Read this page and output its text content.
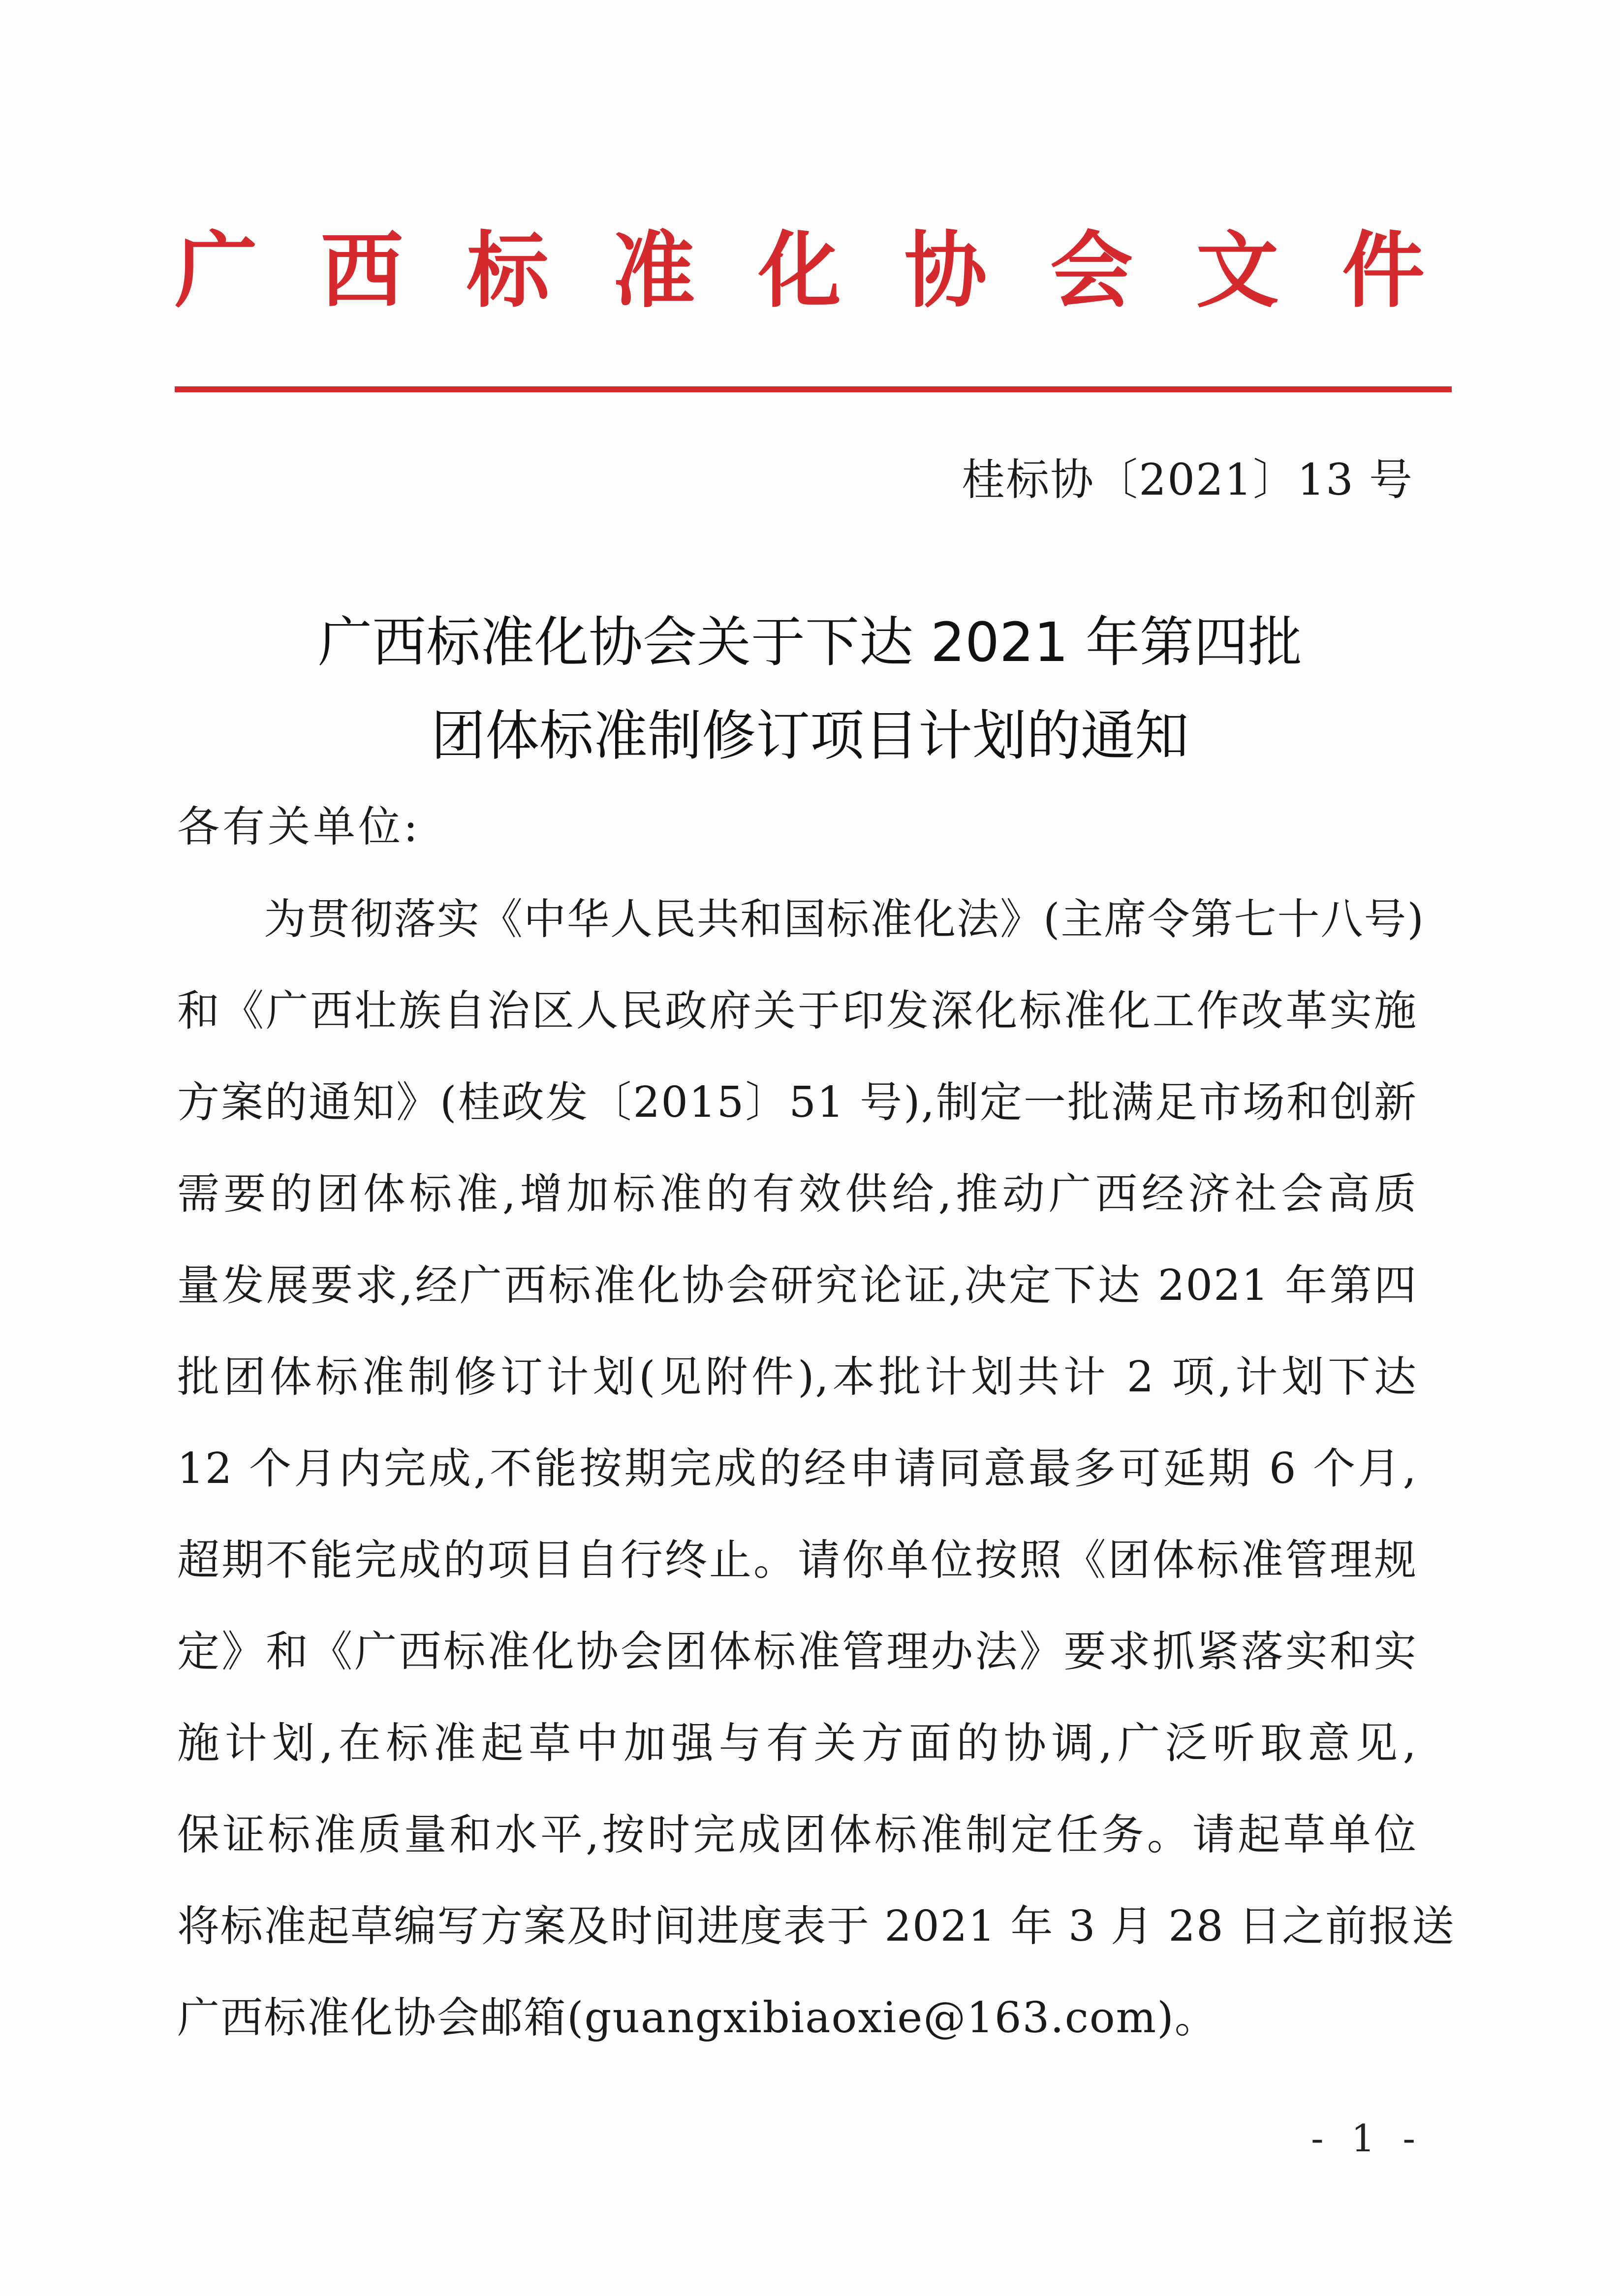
广 西 标 准 化 协 会 文 件
桂标协〔2021〕13 号
广西标准化协会关于下达 2021 年第四批
团体标准制修订项目计划的通知
各有关单位:
为贯彻落实《中华人民共和国标准化法》(主席令第七十八号)
和《广西壮族自治区人民政府关于印发深化标准化工作改革实施
方案的通知》(桂政发〔2015〕51 号),制定一批满足市场和创新
需要的团体标准,增加标准的有效供给,推动广西经济社会高质
量发展要求,经广西标准化协会研究论证,决定下达 2021 年第四
批团体标准制修订计划(见附件),本批计划共计 2 项,计划下达
12 个月内完成,不能按期完成的经申请同意最多可延期 6 个月,
超期不能完成的项目自行终止。请你单位按照《团体标准管理规
定》和《广西标准化协会团体标准管理办法》要求抓紧落实和实
施计划,在标准起草中加强与有关方面的协调,广泛听取意见,
保证标准质量和水平,按时完成团体标准制定任务。请起草单位
将标准起草编写方案及时间进度表于 2021 年 3 月 28 日之前报送
广西标准化协会邮箱(guangxibiaoxie@163.com)。
- 1 -
